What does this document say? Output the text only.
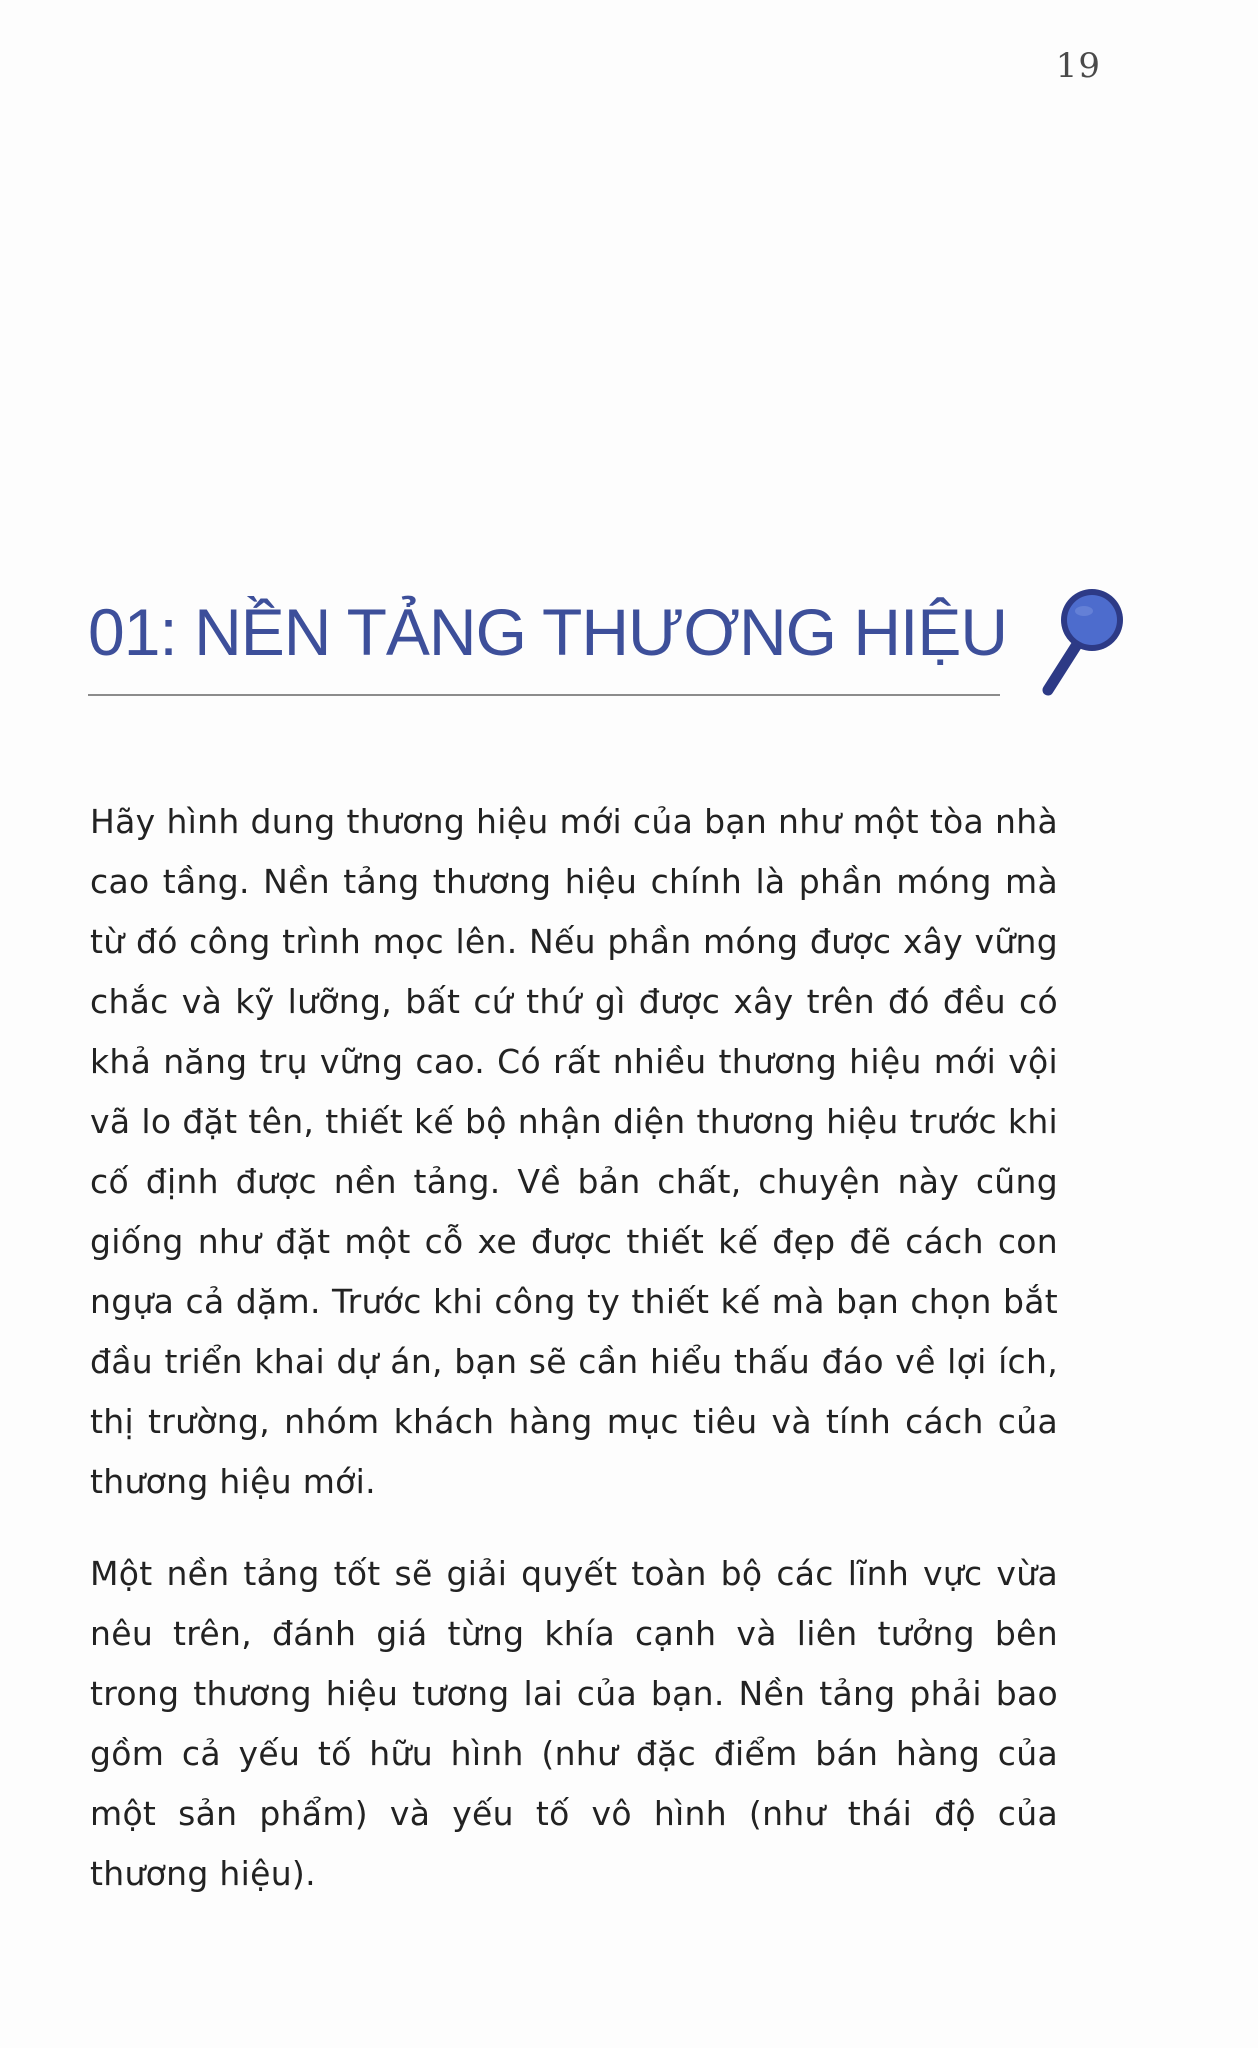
19
01: NỀN TẢNG THƯƠNG HIỆU

Hãy hình dung thương hiệu mới của bạn như một tòa nhà cao tầng. Nền tảng thương hiệu chính là phần móng mà từ đó công trình mọc lên. Nếu phần móng được xây vững chắc và kỹ lưỡng, bất cứ thứ gì được xây trên đó đều có khả năng trụ vững cao. Có rất nhiều thương hiệu mới vội vã lo đặt tên, thiết kế bộ nhận diện thương hiệu trước khi cố định được nền tảng. Về bản chất, chuyện này cũng giống như đặt một cỗ xe được thiết kế đẹp đẽ cách con ngựa cả dặm. Trước khi công ty thiết kế mà bạn chọn bắt đầu triển khai dự án, bạn sẽ cần hiểu thấu đáo về lợi ích, thị trường, nhóm khách hàng mục tiêu và tính cách của thương hiệu mới.

Một nền tảng tốt sẽ giải quyết toàn bộ các lĩnh vực vừa nêu trên, đánh giá từng khía cạnh và liên tưởng bên trong thương hiệu tương lai của bạn. Nền tảng phải bao gồm cả yếu tố hữu hình (như đặc điểm bán hàng của một sản phẩm) và yếu tố vô hình (như thái độ của thương hiệu).
